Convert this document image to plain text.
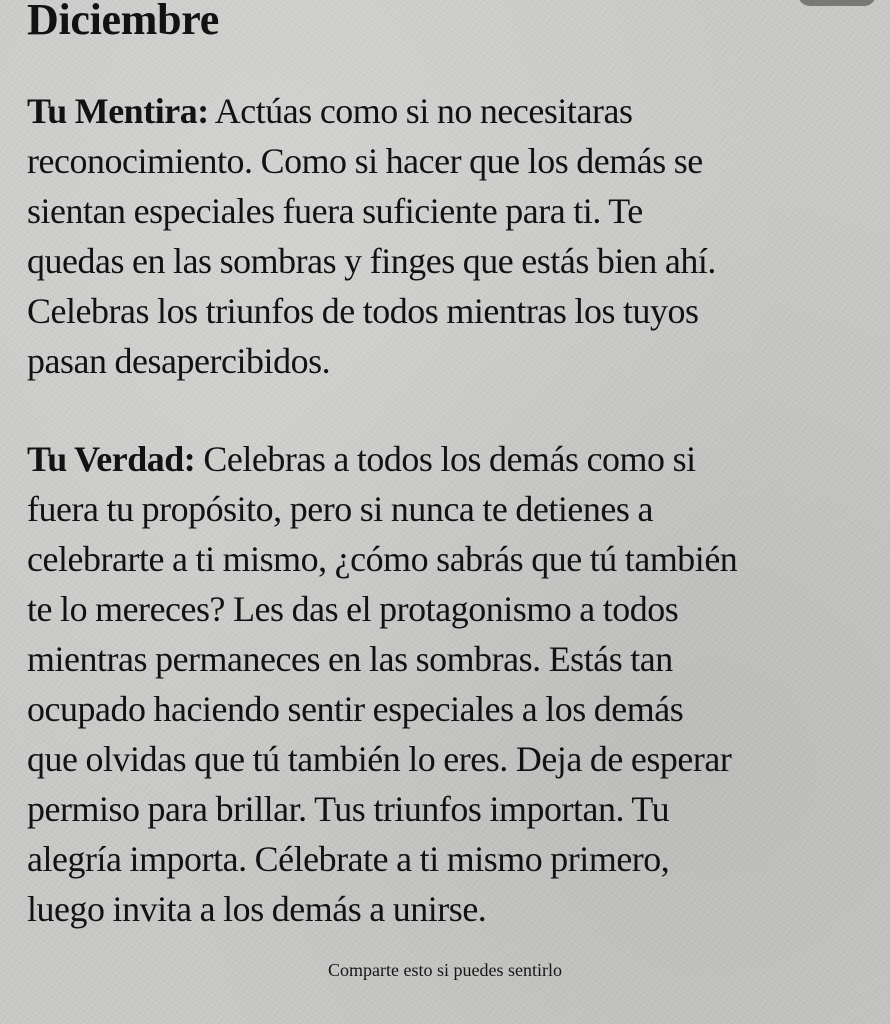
Diciembre

Tu Mentira: Actúas como si no necesitaras
reconocimiento. Como si hacer que los demás se
sientan especiales fuera suficiente para ti. Te
quedas en las sombras y finges que estás bien ahí.
Celebras los triunfos de todos mientras los tuyos
pasan desapercibidos.

Tu Verdad: Celebras a todos los demás como si
fuera tu propósito, pero si nunca te detienes a
celebrarte a ti mismo, ¿cómo sabrás que tú también
te lo mereces? Les das el protagonismo a todos
mientras permaneces en las sombras. Estás tan
ocupado haciendo sentir especiales a los demás
que olvidas que tú también lo eres. Deja de esperar
permiso para brillar. Tus triunfos importan. Tu
alegría importa. Célebrate a ti mismo primero,
luego invita a los demás a unirse.

Comparte esto si puedes sentirlo
